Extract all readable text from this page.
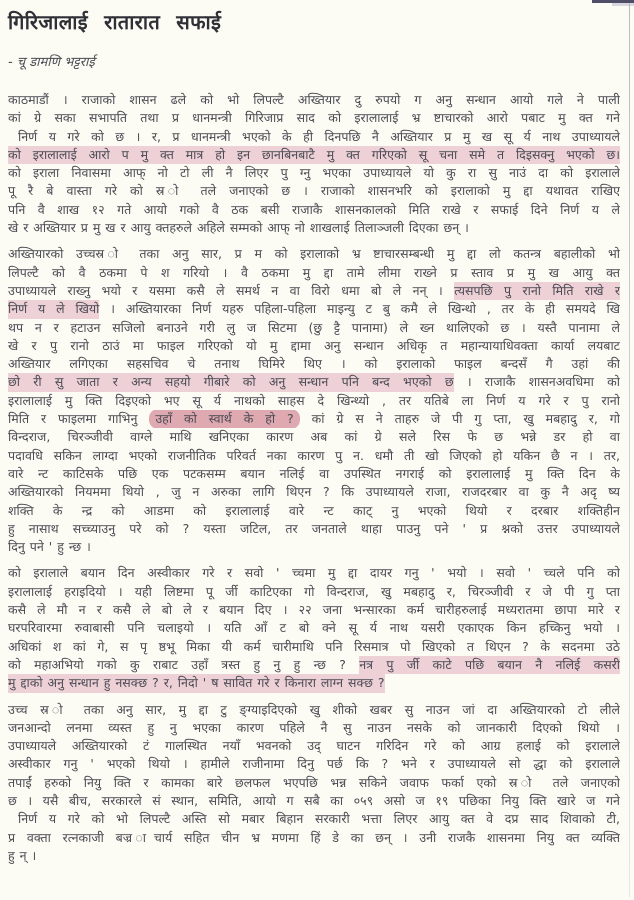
गिरिजालाई रातारात सफाई
- चू डामणि भट्टराई
काठमाडौं । राजाको शासन ढले को भो लिपल्टै अख्तियार दु रुपयो ग अनु सन्धान आयो गले ने पाली
कां ग्रे सका सभापति तथा प्र धानमन्त्री गिरिजाप्र साद को इरालालाई भ्र ष्टाचारको आरो पबाट मु क्त गने
निर्ण य गरे को छ । र, प्र धानमन्त्री भएको के ही दिनपछि नै अख्तियार प्र मु ख सू र्य नाथ उपाध्यायले
को इरालालाई आरो प मु क्त मात्र हो इन छानबिनबाटै मु क्त गरिएको सू चना समे त दिइसक्नु भएको छ।
को इराला निवासमा आफ् नो टो ली नै लिएर पु ग्नु भएका उपाध्यायले यो कु रा सु नाउं दा को इरालाले
पू रै बे वास्ता गरे को स्र ो तले जनाएको छ । राजाको शासनभरि को इरालाको मु द्दा यथावत राखिए
पनि वै शाख १२ गते आयो गको वै ठक बसी राजाकै शासनकालको मिति राखे र सफाई दिने निर्ण य ले
खे र अख्तियार प्र मु ख र आयु क्तहरुले अहिले सम्मको आफ् नो शाखलाई तिलाञ्जली दिएका छन् ।
अख्तियारको उच्चस्र ो तका अनु सार, प्र म को इरालाको भ्र ष्टाचारसम्बन्धी मु द्दा लो कतन्त्र बहालीको भो
लिपल्टै को वै ठकमा पे श गरियो । वै ठकमा मु द्दा तामे लीमा राख्ने प्र स्ताव प्र मु ख आयु क्त
उपाध्यायले राख्नु भयो र यसमा कसै ले समर्थ न वा विरो धमा बो ले नन् । त्यसपछि पु रानो मिति राखे र
निर्ण य ले खियो । अख्तियारका निर्ण यहरु पहिला-पहिला माइन्यु ट बु कमै ले खिन्थो , तर के ही समयदे खि
थप न र हटाउन सजिलो बनाउने गरी लु ज सिटमा (छु ट्टै पानामा) ले ख्न थालिएको छ । यस्तै पानामा ले
खे र पु रानो ठाउं मा फाइल गरिएको यो मु द्दामा अनु सन्धान अधिकृ त महान्यायाधिवक्ता कार्या लयबाट
अख्तियार लगिएका सहसचिव चे तनाथ घिमिरे थिए । को इरालाको फाइल बन्दसँ गै उहां की
छो री सु जाता र अन्य सहयो गीबारे को अनु सन्धान पनि बन्द भएको छ । राजाकै शासनअवधिमा को
इरालालाई मु क्ति दिइएको भए सू र्य नाथको साहस दे खिन्थ्यो , तर यतिबे ला निर्ण य गरे र पु रानो
मिति र फाइलमा गाभिनु उहाँ को स्वार्थ के हो ? कां ग्रे स ने ताहरु जे पी गु प्ता, खु मबहादु र, गो
विन्दराज, चिरञ्जीवी वाग्ले माथि खनिएका कारण अब कां ग्रे सले रिस फे छ भन्ने डर हो वा
पदावधि सकिन लाग्दा भएको राजनीतिक परिवर्त नका कारण पु न. धमौ ती खो जिएको हो यकिन छै न । तर,
वारे न्ट काटिसके पछि एक पटकसम्म बयान नलिई वा उपस्थित नगराई को इरालालाई मु क्ति दिन के
अख्तियारको नियममा थियो , जु न अरुका लागि थिएन ? कि उपाध्यायले राजा, राजदरबार वा कु नै अदृ ष्य
शक्ति के न्द्र को आडमा को इरालालाई वारे न्ट काट् नु भएको थियो र दरबार शक्तिहीन
हु नासाथ सच्च्याउनु परे को ? यस्ता जटिल, तर जनताले थाहा पाउनु पने ' प्र श्नको उत्तर उपाध्यायले
दिनु पने ' हु न्छ ।
को इरालाले बयान दिन अस्वीकार गरे र सवो ' च्चमा मु द्दा दायर गनु ' भयो । सवो ' च्चले पनि को
इरालालाई हराइदियो । यही लिष्टमा पू र्जी काटिएका गो विन्दराज, खु मबहादु र, चिरञ्जीवी र जे पी गु प्ता
कसै ले मौ न र कसै ले बो ले र बयान दिए । २२ जना भन्सारका कर्म चारीहरुलाई मध्यरातमा छापा मारे र
घरपरिवारमा रुवाबासी पनि चलाइयो । यति आँ ट बो क्ने सू र्य नाथ यसरी एकाएक किन हच्किनु भयो ।
अधिकां श कां गे, स पृ ष्ठभू मिका यी कर्म चारीमाथि पनि रिसमात्र पो खिएको त थिएन ? के सदनमा उठे
को महाअभियो गको कु राबाट उहाँ त्रस्त हु नु हु न्छ ? नत्र पु र्जी काटे पछि बयान नै नलिई कसरी
मु द्दाको अनु सन्धान हु नसक्छ ? र, निदो ' ष सावित गरे र किनारा लाग्न सक्छ ?
उच्च स्र ो तका अनु सार, मु द्दा टु ङ्ग्याइदिएको खु शीको खबर सु नाउन जां दा अख्तियारको टो लीले
जनआन्दो लनमा व्यस्त हु नु भएका कारण पहिले नै सु नाउन नसके को जानकारी दिएको थियो ।
उपाध्यायले अख्तियारको टं गालस्थित नयाँ भवनको उद् घाटन गरिदिन गरे को आग्र हलाई को इरालाले
अस्वीकार गनु ' भएको थियो । हामीले राजीनामा दिनु पर्छ कि ? भने र उपाध्यायले सो द्धा को इरालाले
तपाईं हरुको नियु क्ति र कामका बारे छलफल भएपछि भन्न सकिने जवाफ फर्का एको स्र ो तले जनाएको
छ । यसै बीच, सरकारले सं स्थान, समिति, आयो ग सबै का ०५९ असो ज १९ पछिका नियु क्ति खारे ज गने
निर्ण य गरे को भो लिपल्टै अस्ति सो मबार बिहान सरकारी भत्ता लिएर आयु क्त वे दप्र साद शिवाको टी,
प्र वक्ता रत्नकाजी बज्र ाचार्य सहित चीन भ्र मणमा हिं डे का छन् । उनी राजकै शासनमा नियु क्त व्यक्ति
हु न् ।
